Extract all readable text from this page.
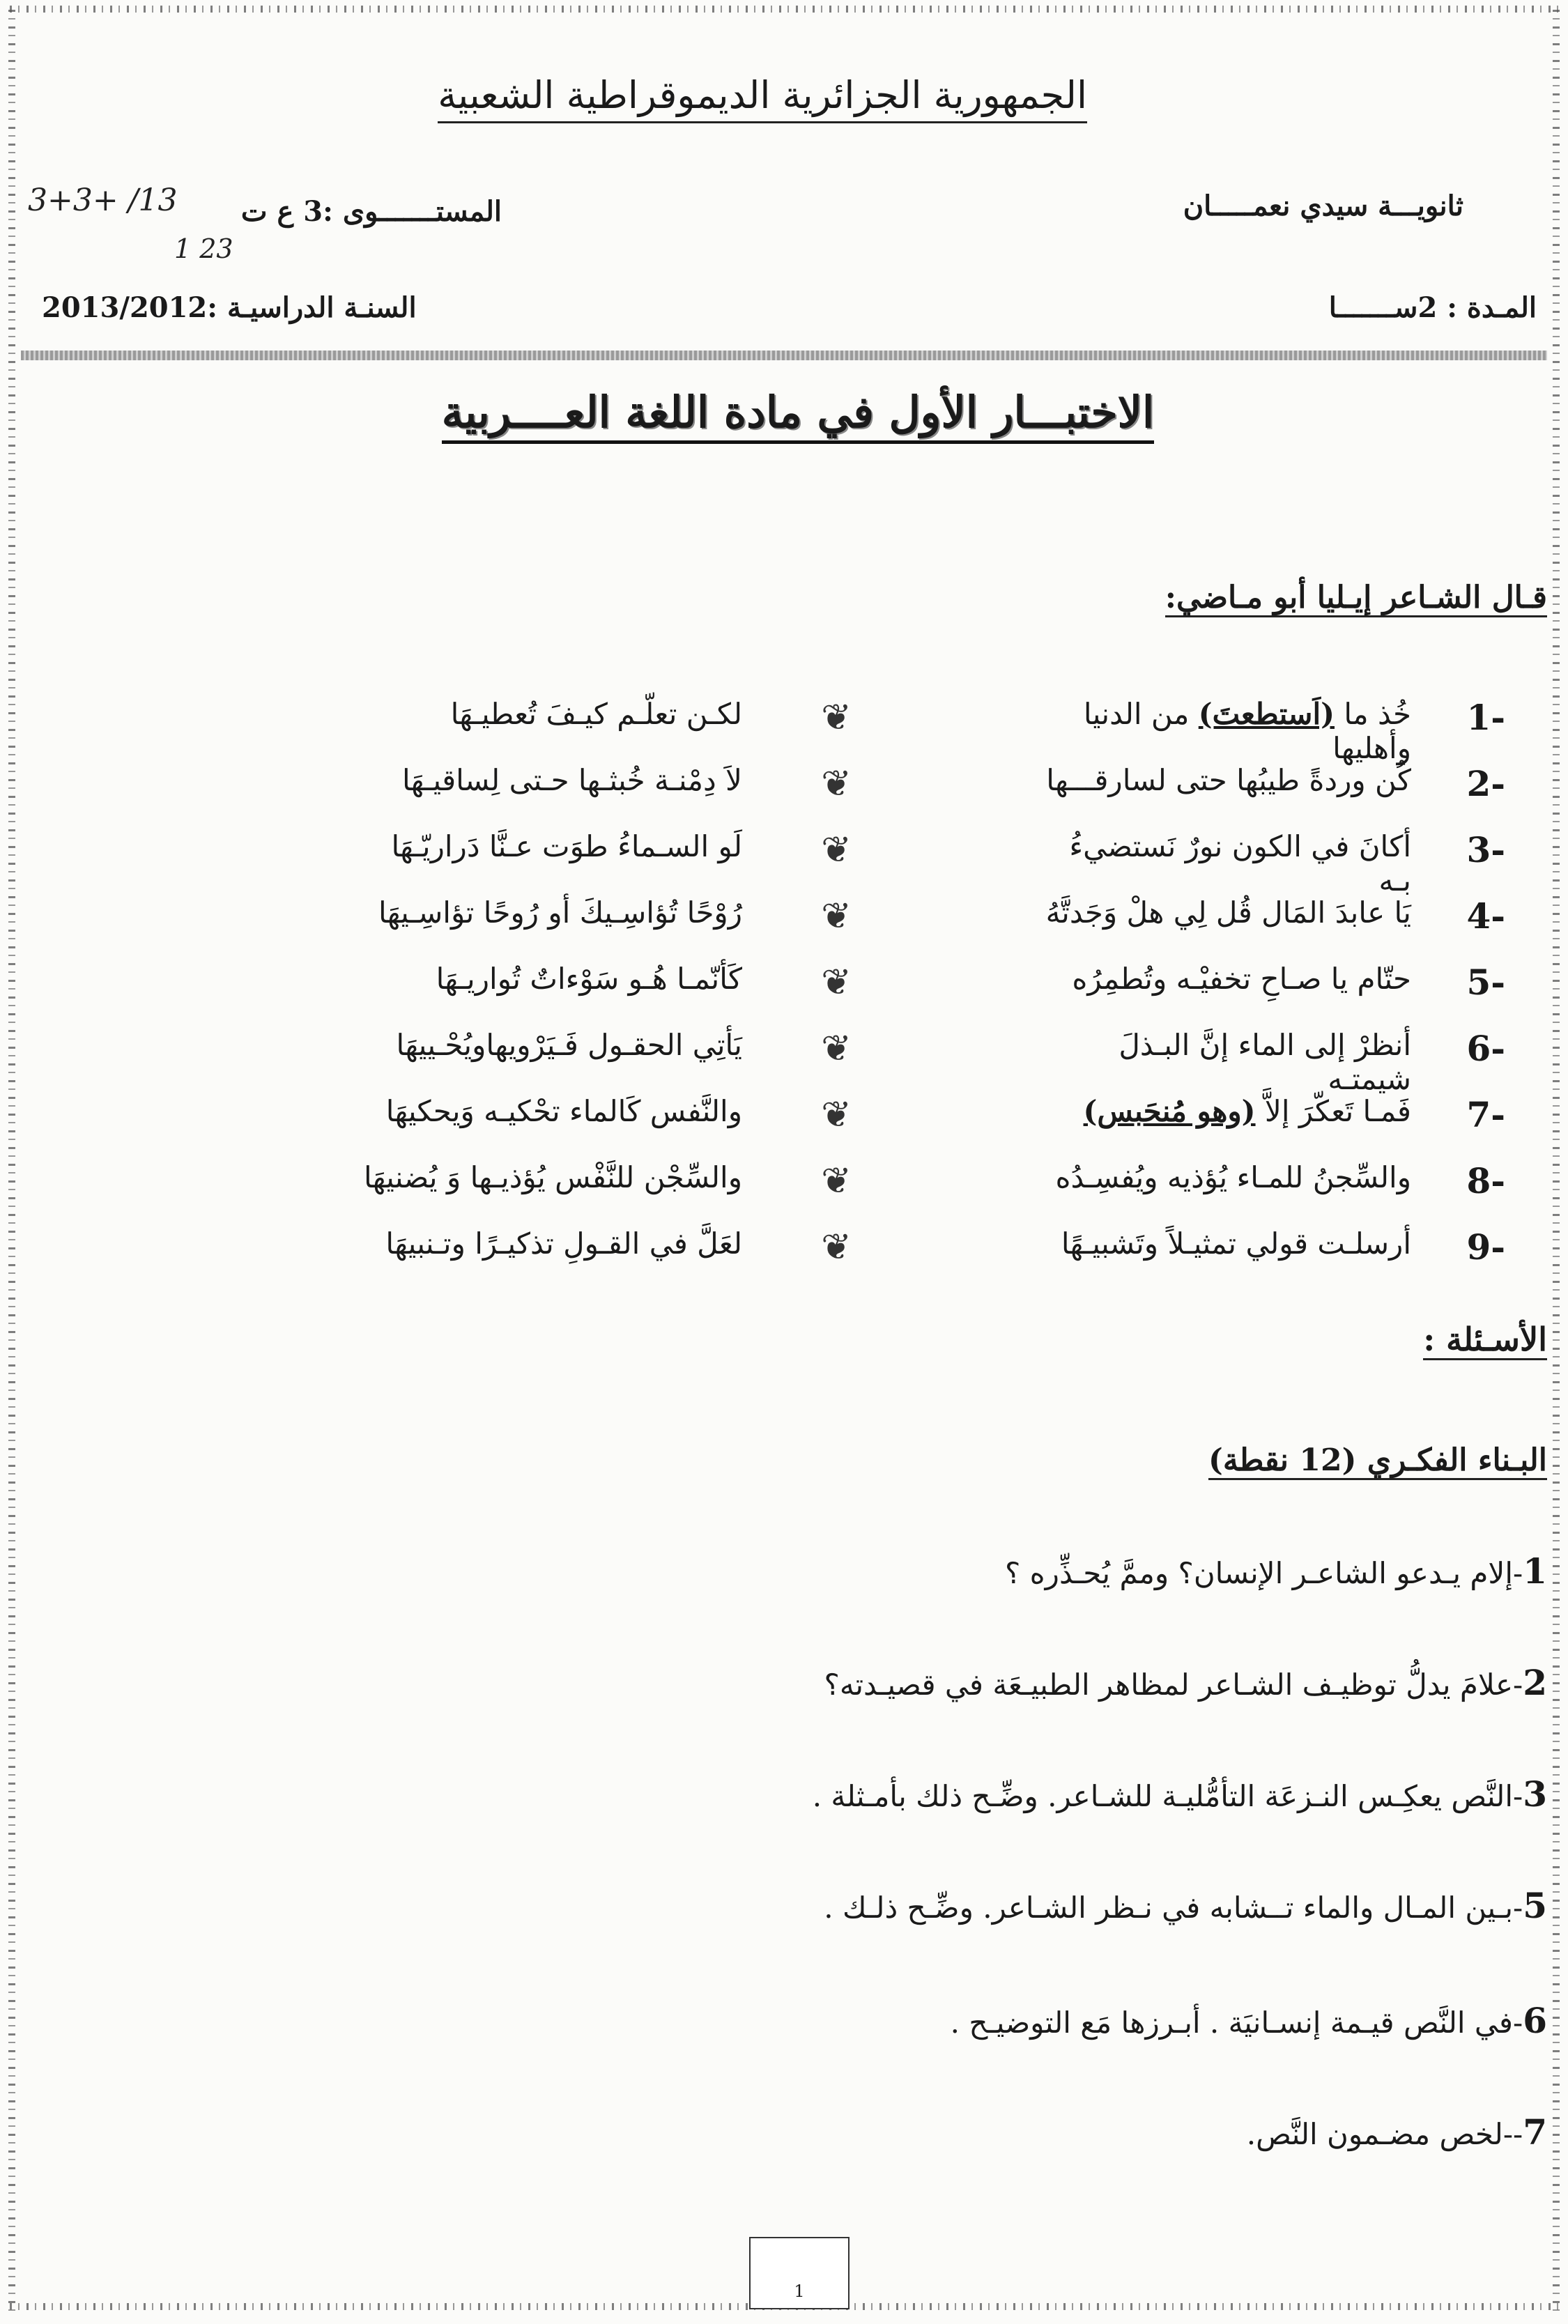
الجمهورية الجزائرية الديموقراطية الشعبية
ثانويـــة سيدي نعمـــــان
المستـــــــوى :3 ع ت
3+3+ /13
1 23
المـدة : 2ســـــــا
السنـة الدراسيـة :2013/2012
الاختبـــار الأول في مادة اللغة العــــربية
قـال الشـاعر إيـليا أبو مـاضي:
1-
خُذ ما (اَستطعتَ) من الدنيا وأهليها
❦
لكـن تعلّـم كيـفَ تُعطيـهَا
2-
كُن وردةً طيبُها حتى لسارقـــها
❦
لاَ دِمْنـة خُبثـها حـتى لِساقيـهَا
3-
أكانَ في الكون نورٌ نَستضيءُ بـه
❦
لَو السـماءُ طوَت عـنَّا دَراريّـهَا
4-
يَا عابدَ المَال قُل لِي هلْ وَجَدتَّهُ
❦
رُوْحًا تُؤاسِـيكَ أو رُوحًا تؤاسِـيهَا
5-
حتّام يا صـاحِ تخفيْـه وتُطمِرُه
❦
كَأنّمـا هُـو سَوْءاتٌ تُواريـهَا
6-
أنظرْ إلى الماء إنَّ البـذلَ شيمتـه
❦
يَأتِي الحقـول فَـيَرْويهاويُحْـييهَا
7-
فَمـا تَعكّرَ إلاَّ (وهو مُنحَبس)
❦
والنَّفس كَالماء تحْكيـه وَيحكيهَا
8-
والسِّجنُ للمـاء يُؤذيه ويُفسِـدُه
❦
والسِّجْن للنَّفْس يُؤذيـها وَ يُضنيهَا
9-
أرسلـت قولي تمثيـلاً وتَشبيـهًا
❦
لعَلَّ في القـولِ تذكيـرًا وتـنبيهَا
الأسـئلة :
البـناء الفكـري (12 نقطة)
1-إلام يـدعو الشاعـر الإنسان؟ وممَّ يُحـذِّره ؟
2-علامَ يدلُّ توظيـف الشـاعر لمظاهر الطبيـعَة في قصيـدته؟
3-النَّص يعكِـس النـزعَة التأمُّليـة للشـاعر. وضِّـح ذلك بأمـثلة .
5-بـين المـال والماء تــشابه في نـظر الشـاعر. وضِّـح ذلـك .
6-في النَّص قيـمة إنسـانيَة . أبـرزها مَع التوضيـح .
7--لخص مضـمون النَّص.
1
